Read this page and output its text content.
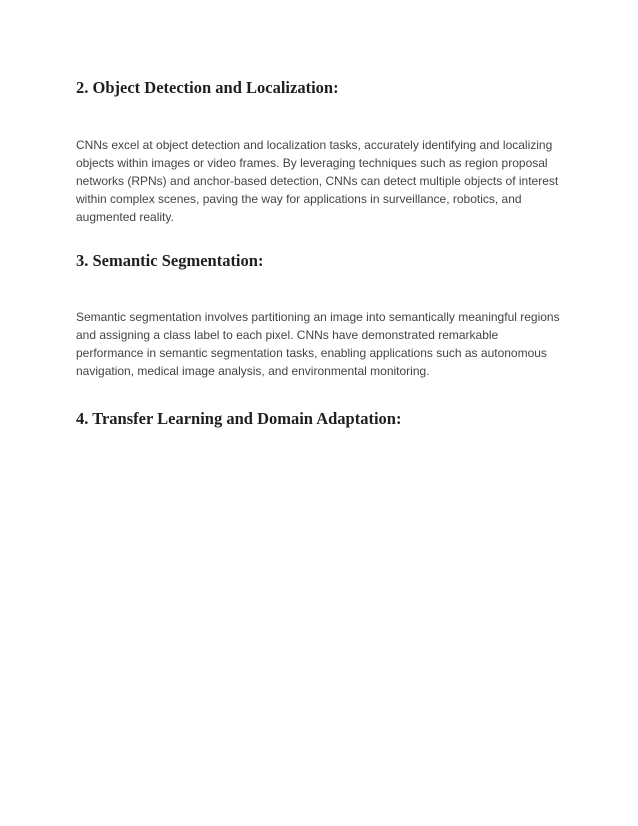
2. Object Detection and Localization:

CNNs excel at object detection and localization tasks, accurately identifying and localizing
objects within images or video frames. By leveraging techniques such as region proposal
networks (RPNs) and anchor-based detection, CNNs can detect multiple objects of interest
within complex scenes, paving the way for applications in surveillance, robotics, and
augmented reality.

3. Semantic Segmentation:

Semantic segmentation involves partitioning an image into semantically meaningful regions
and assigning a class label to each pixel. CNNs have demonstrated remarkable
performance in semantic segmentation tasks, enabling applications such as autonomous
navigation, medical image analysis, and environmental monitoring.

4. Transfer Learning and Domain Adaptation:
